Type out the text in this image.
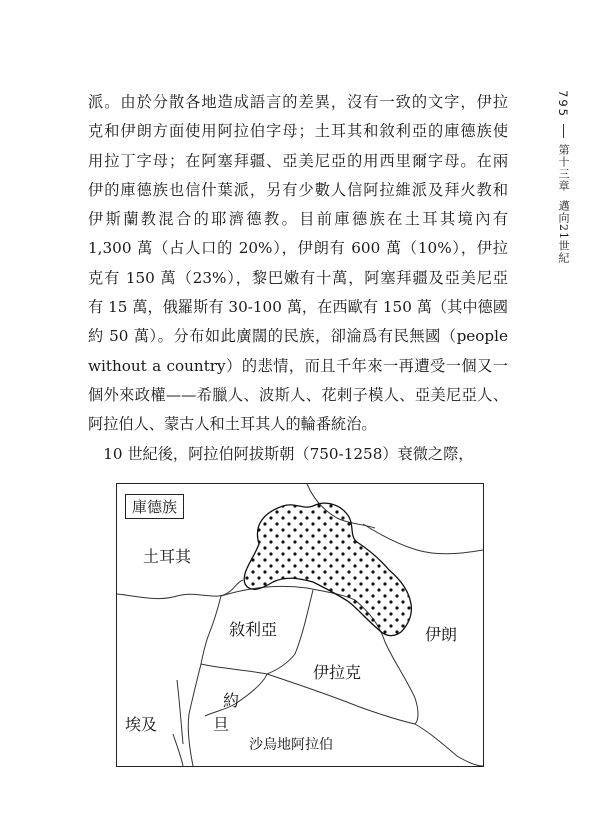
派。由於分散各地造成語言的差異，沒有一致的文字，伊拉
克和伊朗方面使用阿拉伯字母；土耳其和敘利亞的庫德族使
用拉丁字母；在阿塞拜疆、亞美尼亞的用西里爾字母。在兩
伊的庫德族也信什葉派，另有少數人信阿拉維派及拜火教和
伊斯蘭教混合的耶濟德教。目前庫德族在土耳其境內有
1,300 萬（占人口的 20%），伊朗有 600 萬（10%），伊拉
克有 150 萬（23%），黎巴嫩有十萬，阿塞拜疆及亞美尼亞
有 15 萬，俄羅斯有 30-100 萬，在西歐有 150 萬（其中德國
約 50 萬）。分布如此廣闊的民族，卻淪爲有民無國（people
without a country）的悲情，而且千年來一再遭受一個又一
個外來政權——希臘人、波斯人、花剌子模人、亞美尼亞人、
阿拉伯人、蒙古人和土耳其人的輪番統治。
　10 世紀後，阿拉伯阿拔斯朝（750-1258）衰微之際，
795
第十三章
邁向21世紀
庫德族
土耳其
敘利亞
伊拉克
伊朗
約
旦
埃及
沙烏地阿拉伯
